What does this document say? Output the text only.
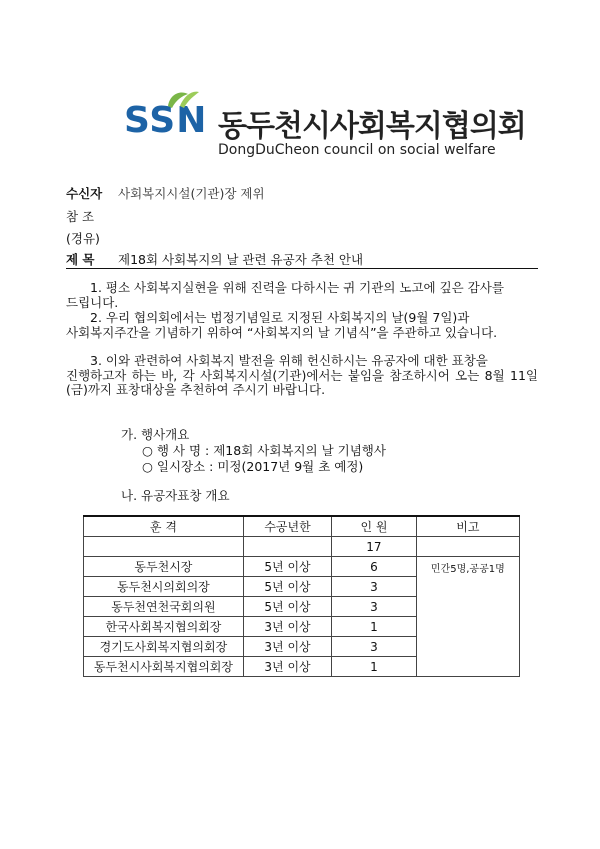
SSN 동두천시사회복지협의회
DongDuCheon council on social welfare
수신자 사회복지시설(기관)장 제위
참 조
(경유)
제 목 제18회 사회복지의 날 관련 유공자 추천 안내
1. 평소 사회복지실현을 위해 진력을 다하시는 귀 기관의 노고에 깊은 감사를
드립니다.
2. 우리 협의회에서는 법정기념일로 지정된 사회복지의 날(9월 7일)과
사회복지주간을 기념하기 위하여 “사회복지의 날 기념식”을 주관하고 있습니다.
3. 이와 관련하여 사회복지 발전을 위해 헌신하시는 유공자에 대한 표창을
진행하고자 하는 바, 각 사회복지시설(기관)에서는 붙임을 참조하시어 오는 8월 11일(금)까지 표창대상을 추천하여 주시기 바랍니다.
가. 행사개요
○ 행 사 명 : 제18회 사회복지의 날 기념행사
○ 일시장소 : 미정(2017년 9월 초 예정)
나. 유공자표창 개요
훈 격	수공년한	인 원	비고
		17	
동두천시장	5년 이상	6	민간5명,공공1명
동두천시의회의장	5년 이상	3	
동두천연천국회의원	5년 이상	3	
한국사회복지협의회장	3년 이상	1	
경기도사회복지협의회장	3년 이상	3	
동두천시사회복지협의회장	3년 이상	1	
